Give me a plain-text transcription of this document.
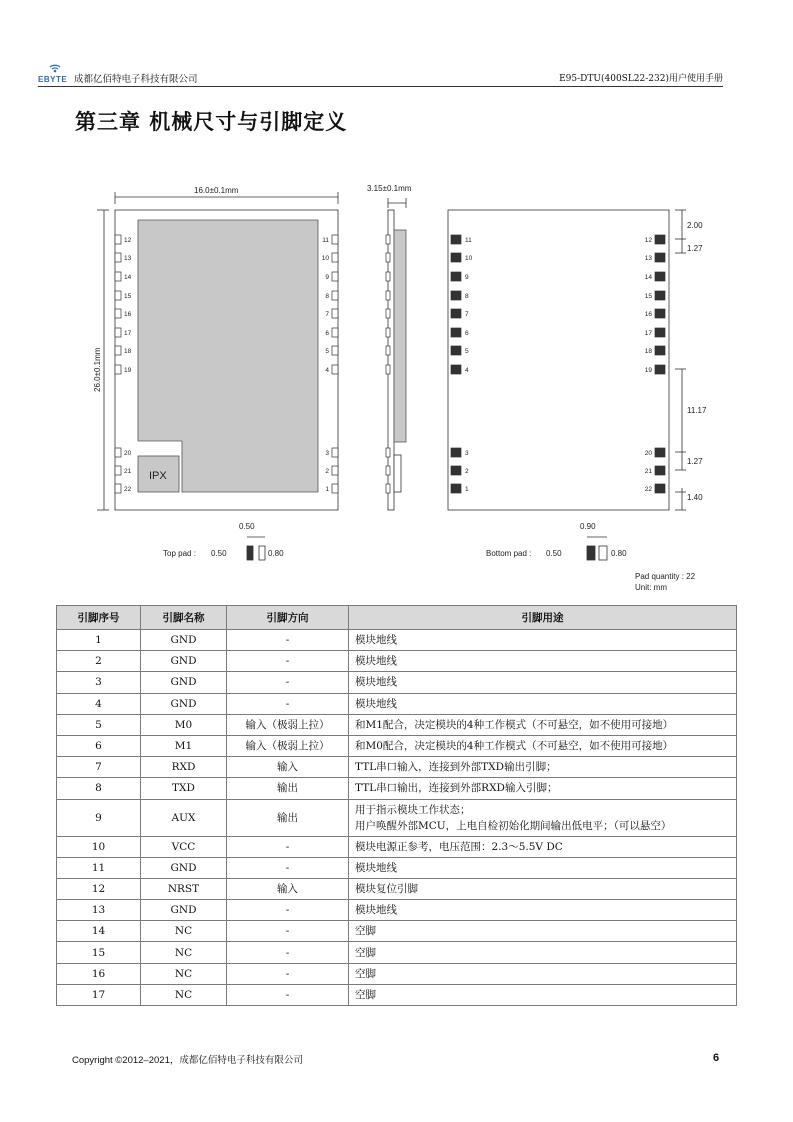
EBYTE 成都亿佰特电子科技有限公司	E95-DTU(400SL22-232)用户使用手册
第三章 机械尺寸与引脚定义
12	11	11	12
13	10	10	13
14	9	9	14
15	8	8	15
16	7	7	16
17	6	6	17
18	5	5	18
19	4	4	19
20	3	3	20
21	2	2	21
22	1	1	22
16.0±0.1mm
26.0±0.1mm
3.15±0.1mm
IPX
2.00
1.27
11.17
1.27
1.40
Top pad : 0.50
0.50
0.80	Bottom pad : 0.50
0.90
0.80
Pad quantity : 22
Unit: mm
引脚序号	引脚名称	引脚方向	引脚用途
1	GND	-	模块地线
2	GND	-	模块地线
3	GND	-	模块地线
4	GND	-	模块地线
5	M0	输入（极弱上拉）	和M1配合，决定模块的4种工作模式（不可悬空，如不使用可接地）
6	M1	输入（极弱上拉）	和M0配合，决定模块的4种工作模式（不可悬空，如不使用可接地）
7	RXD	输入	TTL串口输入，连接到外部TXD输出引脚；
8	TXD	输出	TTL串口输出，连接到外部RXD输入引脚；
9	AUX	输出	用于指示模块工作状态；
用户唤醒外部MCU，上电自检初始化期间输出低电平；（可以悬空）

10	VCC	-	模块电源正参考，电压范围：2.3～5.5V DC
11	GND	-	模块地线
12	NRST	输入	模块复位引脚
13	GND	-	模块地线
14	NC	-	空脚
15	NC	-	空脚
16	NC	-	空脚
17	NC	-	空脚
Copyright ©2012–2021，成都亿佰特电子科技有限公司	6
